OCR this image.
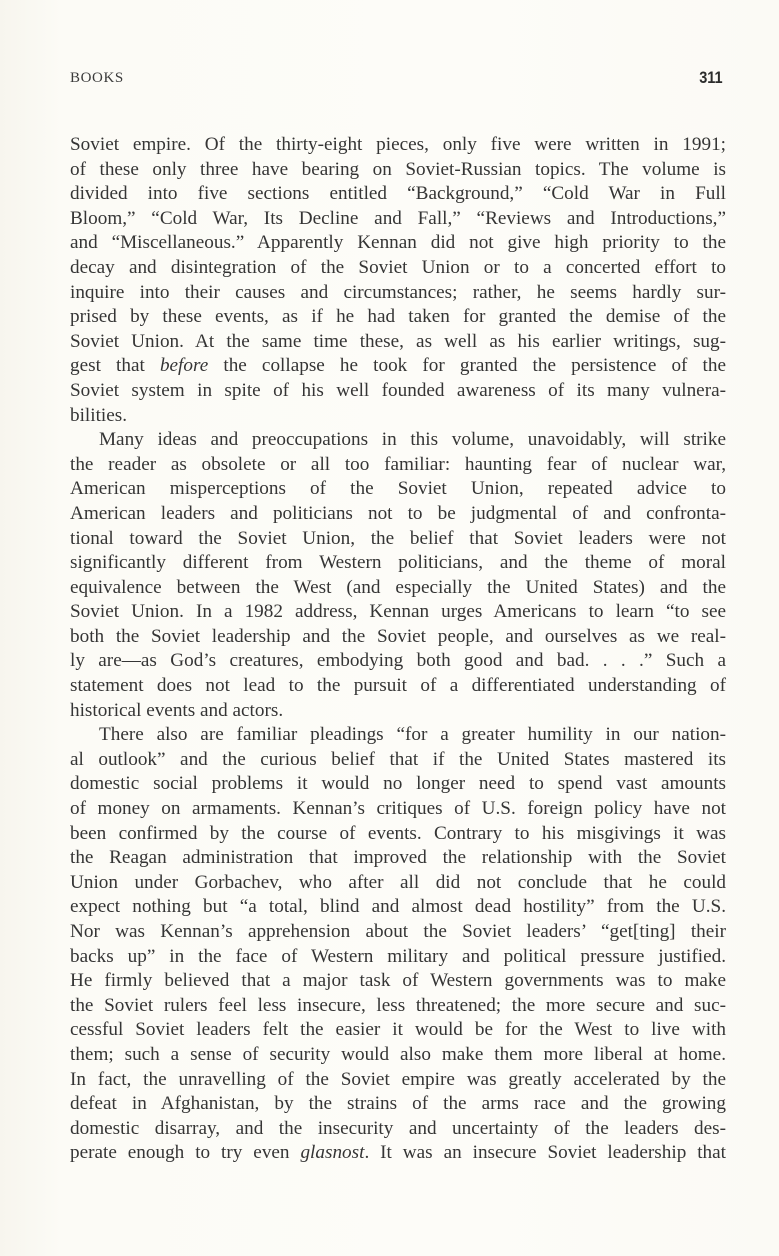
BOOKS	311
Soviet empire. Of the thirty-eight pieces, only five were written in 1991;
of these only three have bearing on Soviet-Russian topics. The volume is
divided into five sections entitled “Background,” “Cold War in Full
Bloom,” “Cold War, Its Decline and Fall,” “Reviews and Introductions,”
and “Miscellaneous.” Apparently Kennan did not give high priority to the
decay and disintegration of the Soviet Union or to a concerted effort to
inquire into their causes and circumstances; rather, he seems hardly sur-
prised by these events, as if he had taken for granted the demise of the
Soviet Union. At the same time these, as well as his earlier writings, sug-
gest that before the collapse he took for granted the persistence of the
Soviet system in spite of his well founded awareness of its many vulnera-
bilities.
Many ideas and preoccupations in this volume, unavoidably, will strike
the reader as obsolete or all too familiar: haunting fear of nuclear war,
American misperceptions of the Soviet Union, repeated advice to
American leaders and politicians not to be judgmental of and confronta-
tional toward the Soviet Union, the belief that Soviet leaders were not
significantly different from Western politicians, and the theme of moral
equivalence between the West (and especially the United States) and the
Soviet Union. In a 1982 address, Kennan urges Americans to learn “to see
both the Soviet leadership and the Soviet people, and ourselves as we real-
ly are—as God’s creatures, embodying both good and bad. . . .” Such a
statement does not lead to the pursuit of a differentiated understanding of
historical events and actors.
There also are familiar pleadings “for a greater humility in our nation-
al outlook” and the curious belief that if the United States mastered its
domestic social problems it would no longer need to spend vast amounts
of money on armaments. Kennan’s critiques of U.S. foreign policy have not
been confirmed by the course of events. Contrary to his misgivings it was
the Reagan administration that improved the relationship with the Soviet
Union under Gorbachev, who after all did not conclude that he could
expect nothing but “a total, blind and almost dead hostility” from the U.S.
Nor was Kennan’s apprehension about the Soviet leaders’ “get[ting] their
backs up” in the face of Western military and political pressure justified.
He firmly believed that a major task of Western governments was to make
the Soviet rulers feel less insecure, less threatened; the more secure and suc-
cessful Soviet leaders felt the easier it would be for the West to live with
them; such a sense of security would also make them more liberal at home.
In fact, the unravelling of the Soviet empire was greatly accelerated by the
defeat in Afghanistan, by the strains of the arms race and the growing
domestic disarray, and the insecurity and uncertainty of the leaders des-
perate enough to try even glasnost. It was an insecure Soviet leadership that
